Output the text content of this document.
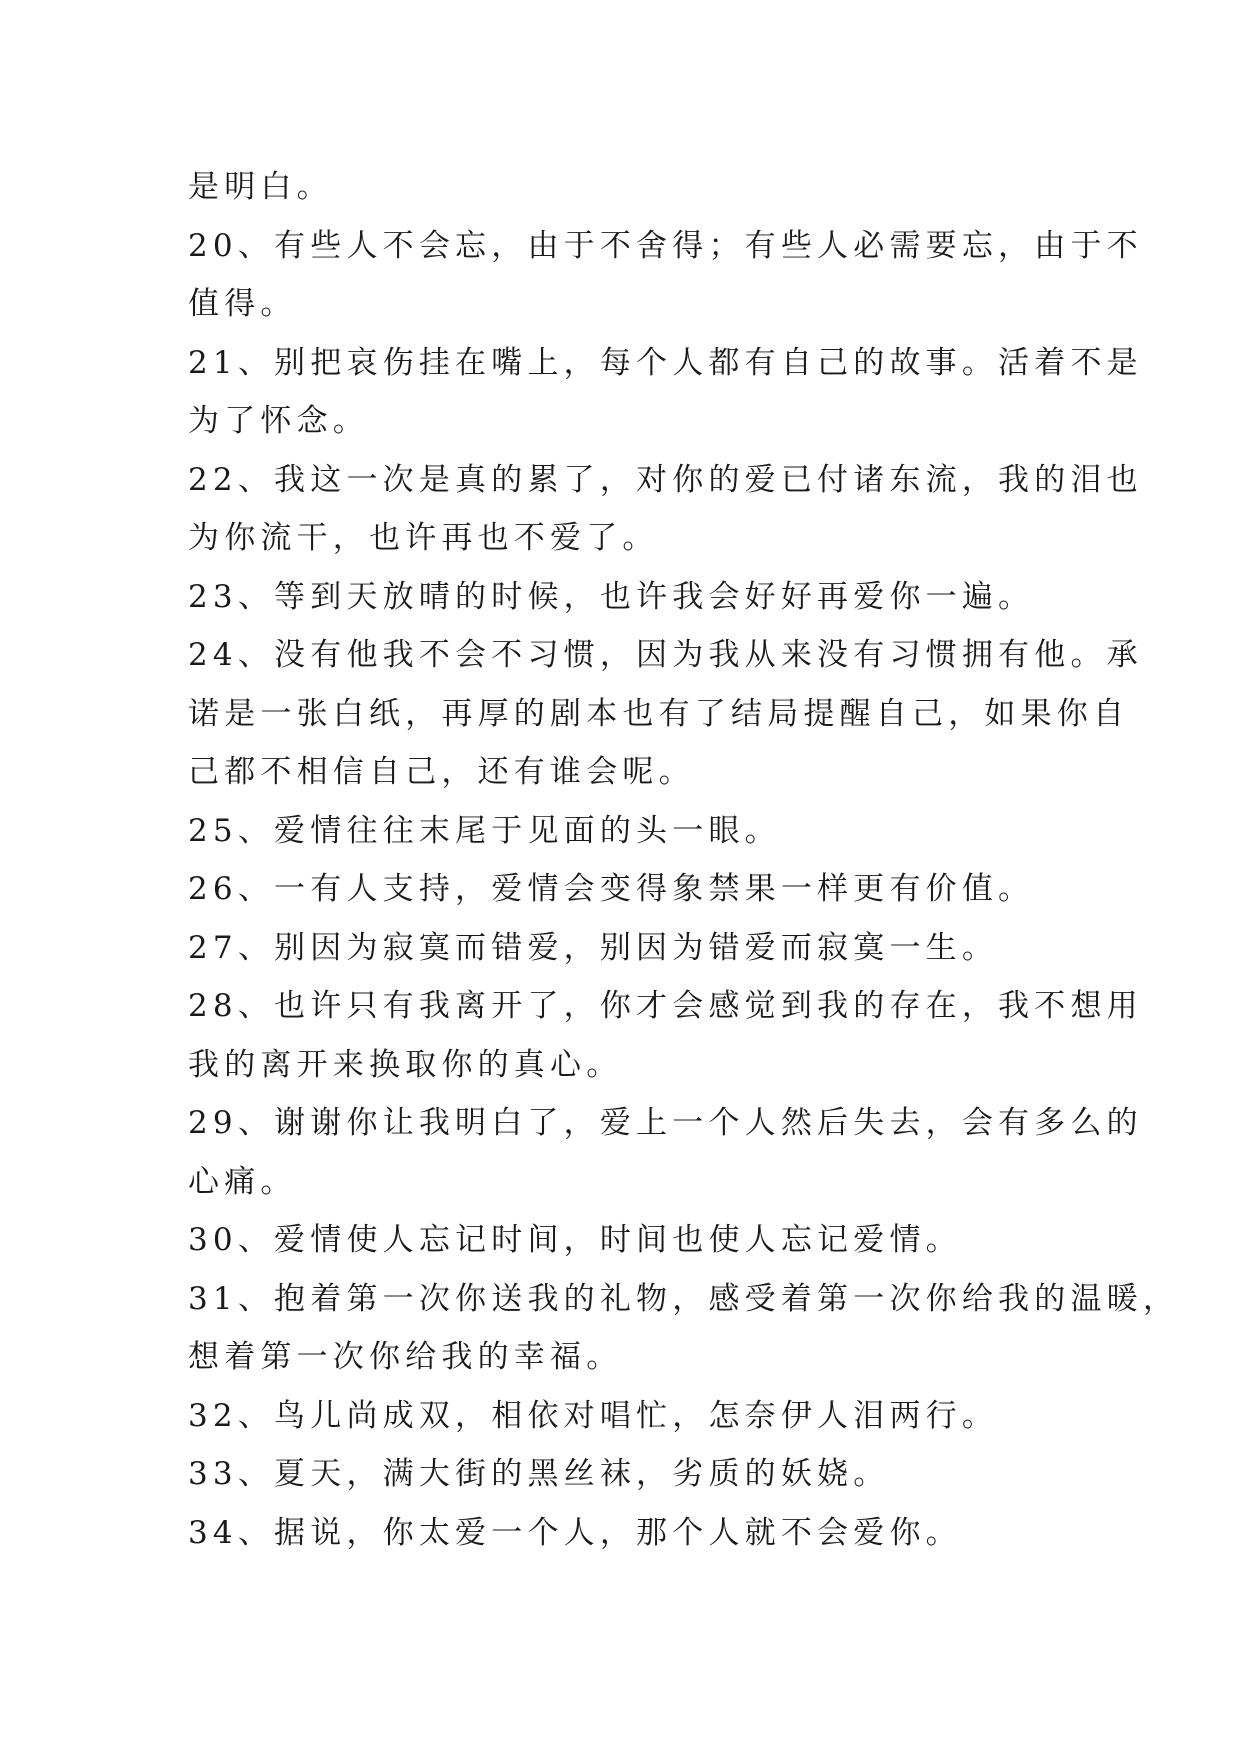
是明白。
20、有些人不会忘，由于不舍得；有些人必需要忘，由于不
值得。
21、别把哀伤挂在嘴上，每个人都有自己的故事。活着不是
为了怀念。
22、我这一次是真的累了，对你的爱已付诸东流，我的泪也
为你流干，也许再也不爱了。
23、等到天放晴的时候，也许我会好好再爱你一遍。
24、没有他我不会不习惯，因为我从来没有习惯拥有他。承
诺是一张白纸，再厚的剧本也有了结局提醒自己，如果你自
己都不相信自己，还有谁会呢。
25、爱情往往末尾于见面的头一眼。
26、一有人支持，爱情会变得象禁果一样更有价值。
27、别因为寂寞而错爱，别因为错爱而寂寞一生。
28、也许只有我离开了，你才会感觉到我的存在，我不想用
我的离开来换取你的真心。
29、谢谢你让我明白了，爱上一个人然后失去，会有多么的
心痛。
30、爱情使人忘记时间，时间也使人忘记爱情。
31、抱着第一次你送我的礼物，感受着第一次你给我的温暖，
想着第一次你给我的幸福。
32、鸟儿尚成双，相依对唱忙，怎奈伊人泪两行。
33、夏天，满大街的黑丝袜，劣质的妖娆。
34、据说，你太爱一个人，那个人就不会爱你。
